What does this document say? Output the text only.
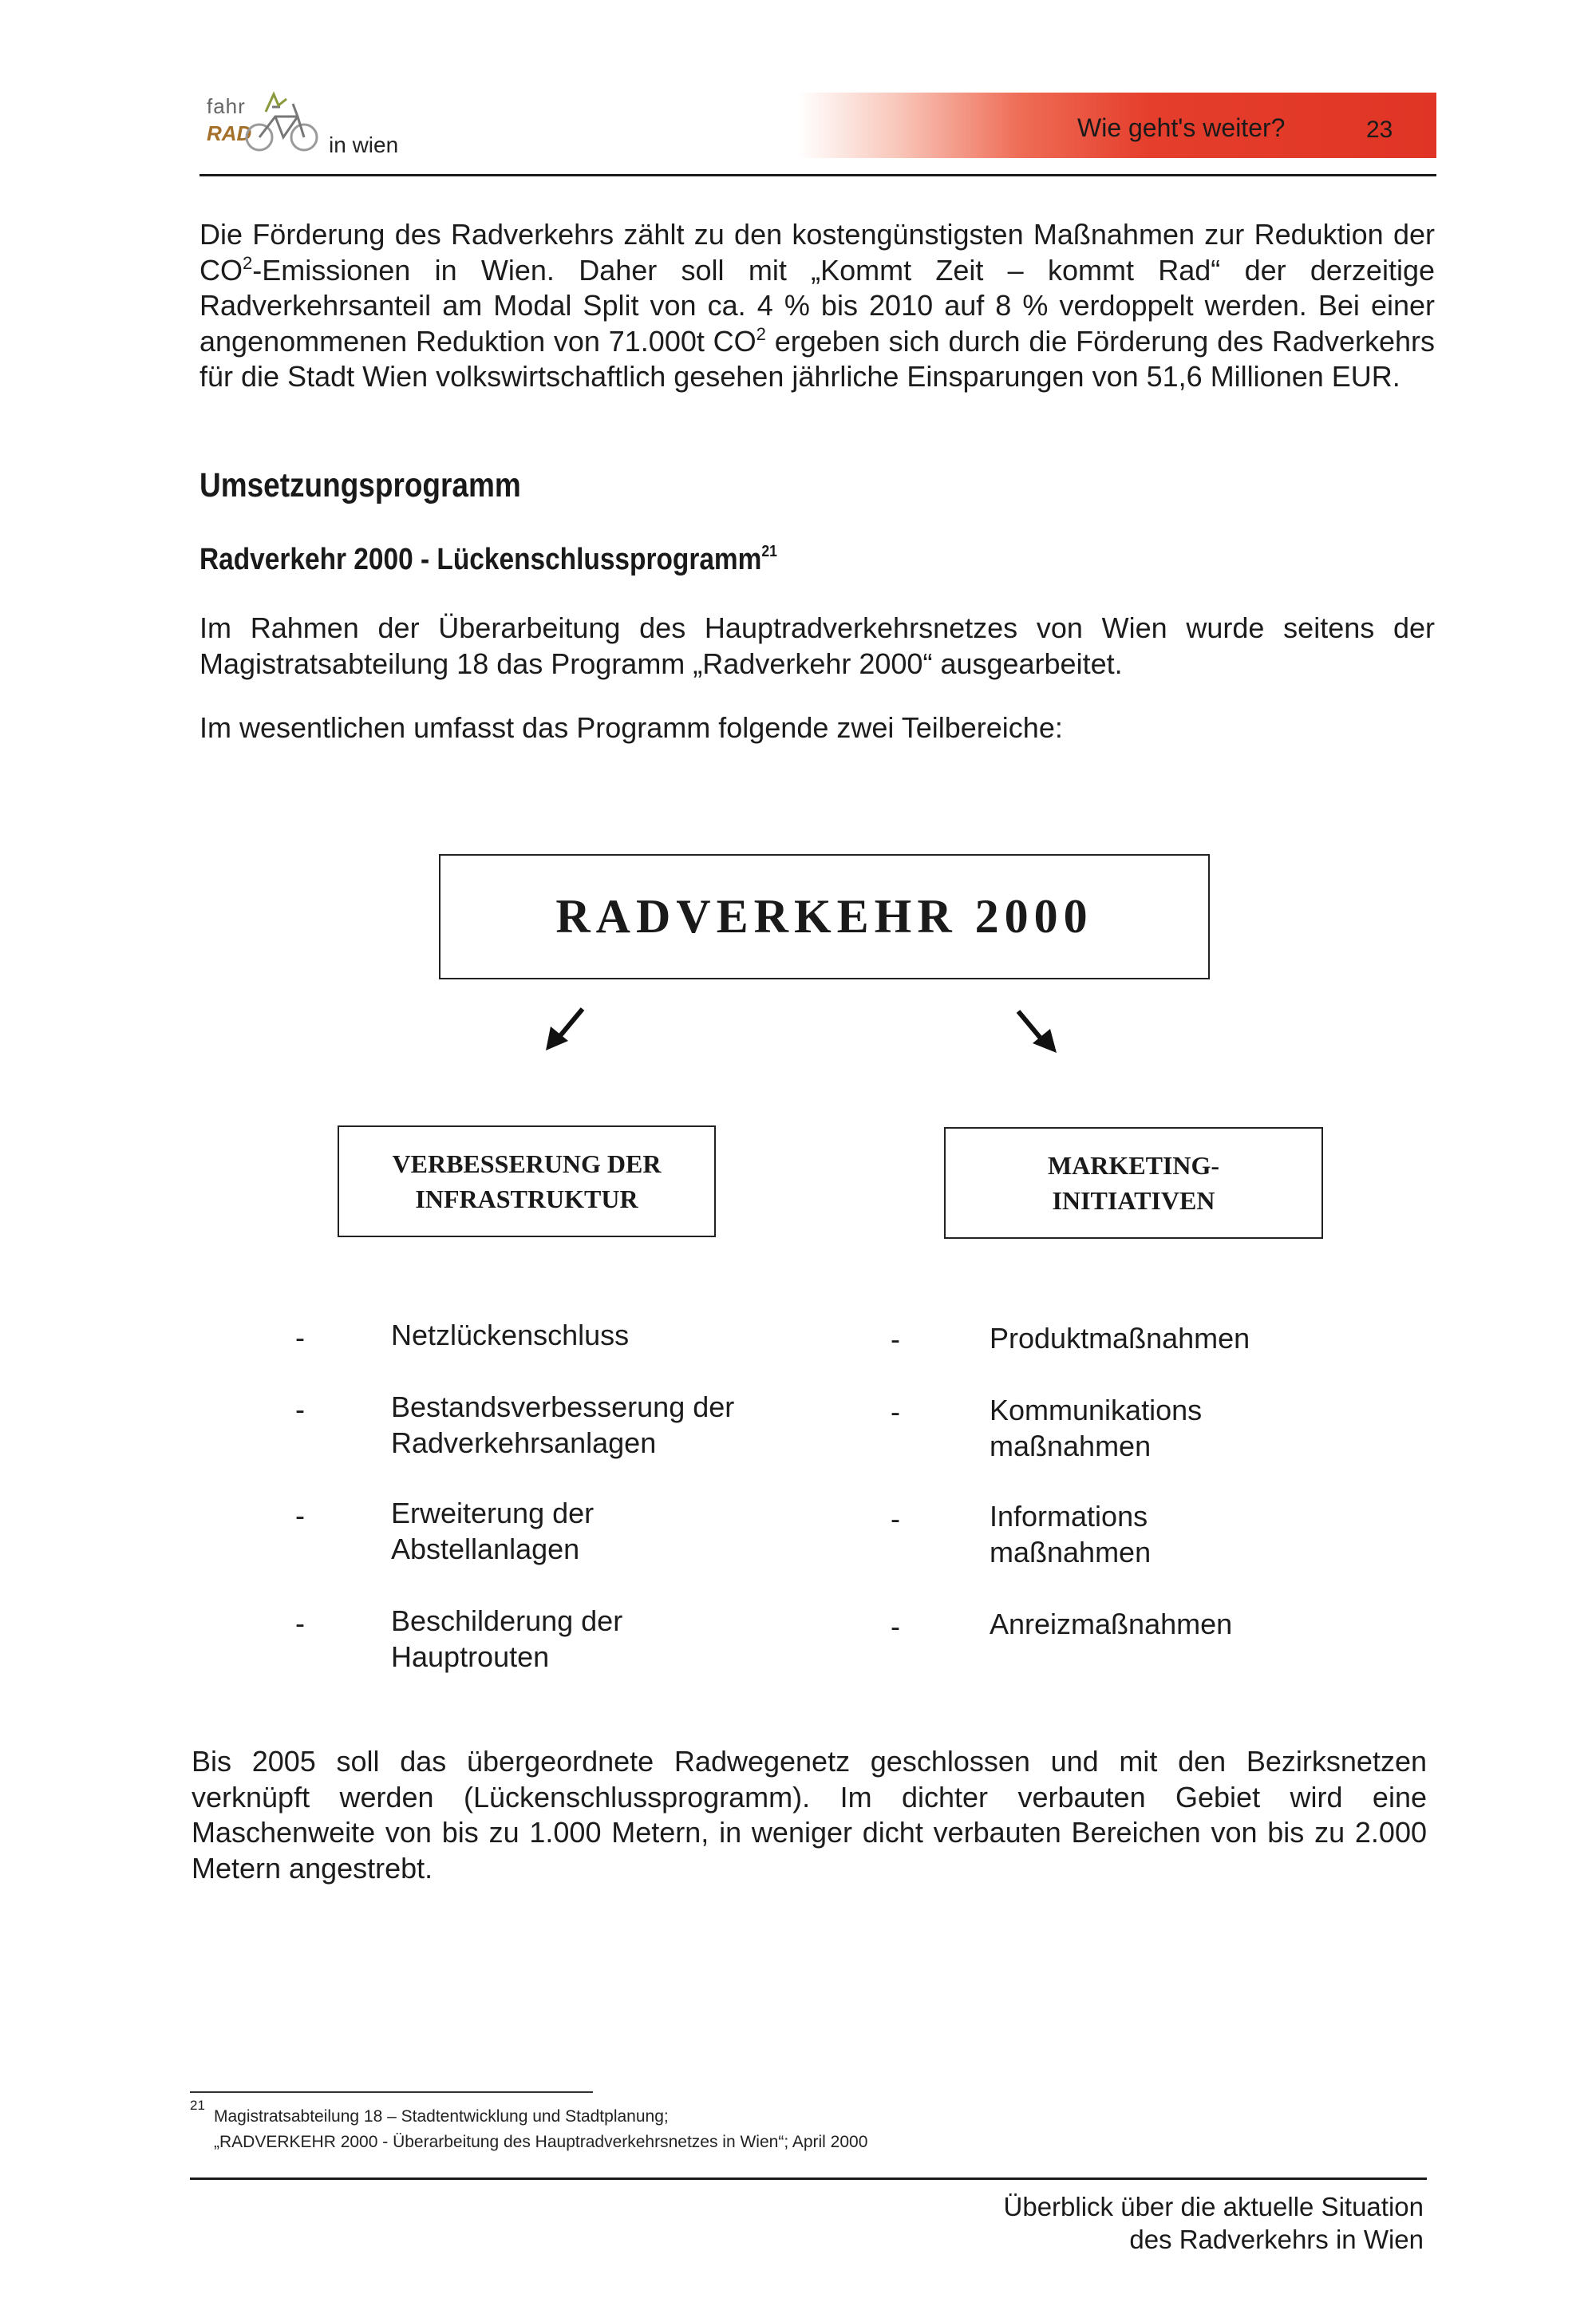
fahr
RAD	in wien
Wie geht's weiter?	23
Die Förderung des Radverkehrs zählt zu den kostengünstigsten Maßnahmen zur Reduktion der $CO^2$-Emissionen in Wien. Daher soll mit „Kommt Zeit – kommt Rad“ der derzeitige Radverkehrsanteil am Modal Split von ca. 4 % bis 2010 auf 8 % verdoppelt werden. Bei einer angenommenen Reduktion von 71.000t $CO^2$ ergeben sich durch die Förderung des Radverkehrs für die Stadt Wien volkswirtschaftlich gesehen jährliche Einsparungen von 51,6 Millionen EUR.
Umsetzungsprogramm
Radverkehr 2000 - Lückenschlussprogramm$^{21}$
Im Rahmen der Überarbeitung des Hauptradverkehrsnetzes von Wien wurde seitens der Magistratsabteilung 18 das Programm „Radverkehr 2000“ ausgearbeitet.
Im wesentlichen umfasst das Programm folgende zwei Teilbereiche:
RADVERKEHR 2000
VERBESSERUNG DER
INFRASTRUKTUR
MARKETING-
INITIATIVEN
-	Netzlückenschluss
-	Bestandsverbesserung der
Radverkehrsanlagen
-	Erweiterung der
Abstellanlagen
-	Beschilderung der
Hauptrouten
-	Produktmaßnahmen
-	Kommunikations
maßnahmen
-	Informations
maßnahmen
-	Anreizmaßnahmen
Bis 2005 soll das übergeordnete Radwegenetz geschlossen und mit den Bezirksnetzen verknüpft werden (Lückenschlussprogramm). Im dichter verbauten Gebiet wird eine Maschenweite von bis zu 1.000 Metern, in weniger dicht verbauten Bereichen von bis zu 2.000 Metern angestrebt.
21
Magistratsabteilung 18 – Stadtentwicklung und Stadtplanung;
„RADVERKEHR 2000 - Überarbeitung des Hauptradverkehrsnetzes in Wien“; April 2000
Überblick über die aktuelle Situation
des Radverkehrs in Wien
